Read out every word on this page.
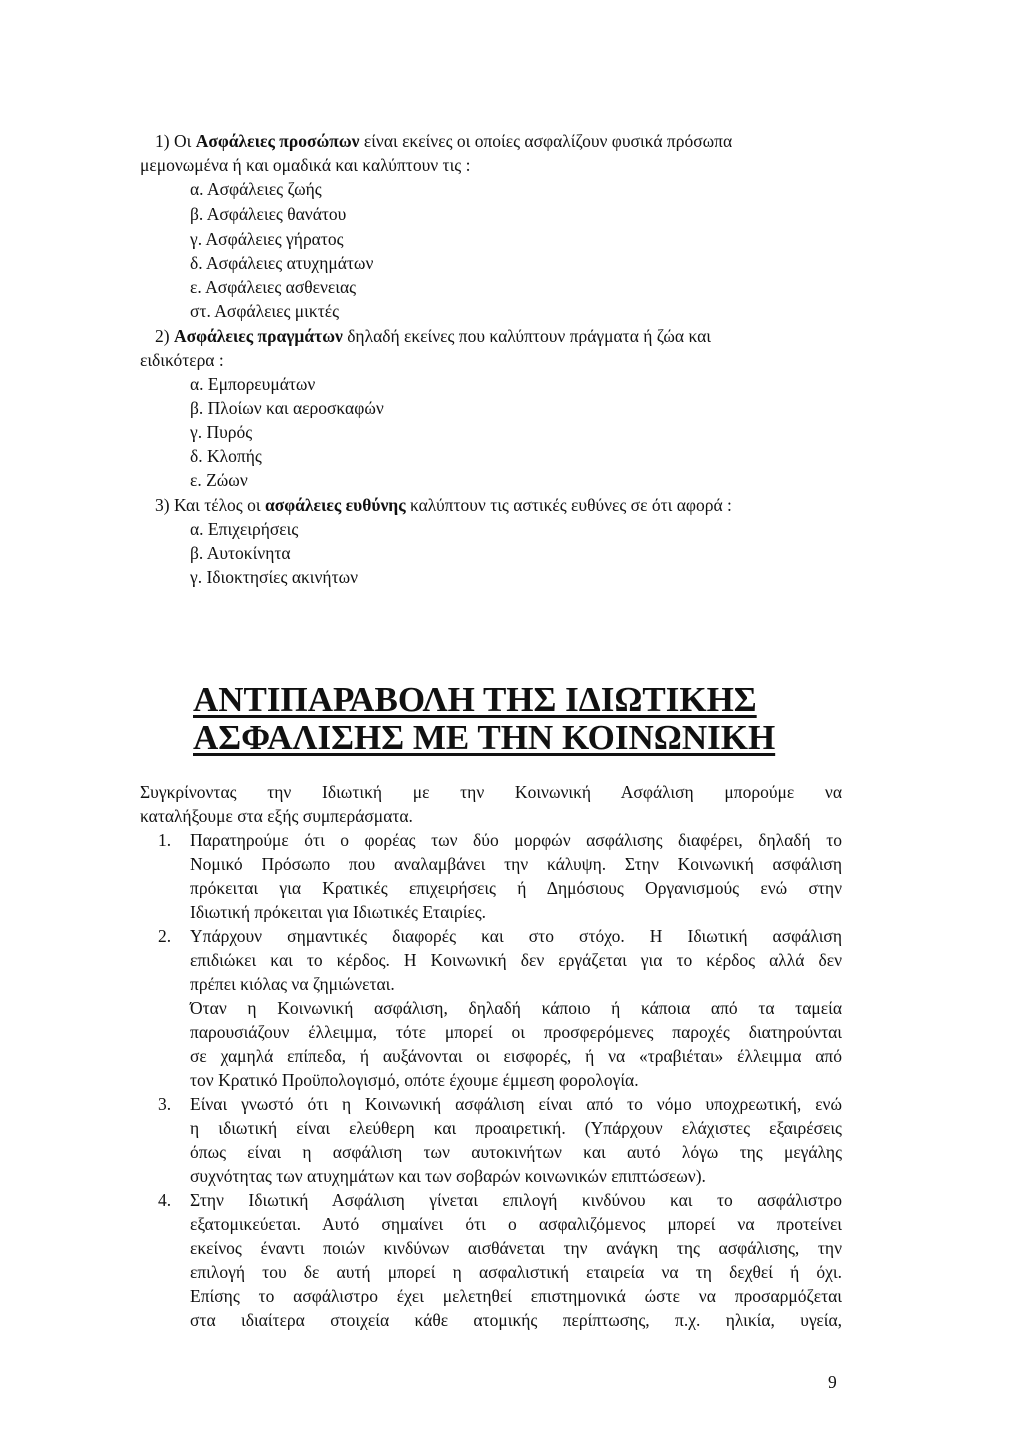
1) Οι Ασφάλειες προσώπων είναι εκείνες οι οποίες ασφαλίζουν φυσικά πρόσωπα
μεμονωμένα ή και ομαδικά και καλύπτουν τις :
α. Ασφάλειες ζωής
β. Ασφάλειες θανάτου
γ. Ασφάλειες γήρατος
δ. Ασφάλειες ατυχημάτων
ε. Ασφάλειες ασθενειας
στ. Ασφάλειες μικτές
2) Ασφάλειες πραγμάτων δηλαδή εκείνες που καλύπτουν πράγματα ή ζώα και
ειδικότερα :
α. Εμπορευμάτων
β. Πλοίων και αεροσκαφών
γ. Πυρός
δ. Κλοπής
ε. Ζώων
3) Και τέλος οι ασφάλειες ευθύνης καλύπτουν τις αστικές ευθύνες σε ότι αφορά :
α. Επιχειρήσεις
β. Αυτοκίνητα
γ. Ιδιοκτησίες ακινήτων
ΑΝΤΙΠΑΡΑΒΟΛΗ ΤΗΣ ΙΔΙΩΤΙΚΗΣ
ΑΣΦΑΛΙΣΗΣ ΜΕ ΤΗΝ ΚΟΙΝΩΝΙΚΗ
Συγκρίνοντας την Ιδιωτική με την Κοινωνική Ασφάλιση μπορούμε να
καταλήξουμε στα εξής συμπεράσματα.
1. Παρατηρούμε ότι ο φορέας των δύο μορφών ασφάλισης διαφέρει, δηλαδή το
Νομικό Πρόσωπο που αναλαμβάνει την κάλυψη. Στην Κοινωνική ασφάλιση
πρόκειται για Κρατικές επιχειρήσεις ή Δημόσιους Οργανισμούς ενώ στην
Ιδιωτική πρόκειται για Ιδιωτικές Εταιρίες.
2. Υπάρχουν σημαντικές διαφορές και στο στόχο. Η Ιδιωτική ασφάλιση
επιδιώκει και το κέρδος. Η Κοινωνική δεν εργάζεται για το κέρδος αλλά δεν
πρέπει κιόλας να ζημιώνεται.
Όταν η Κοινωνική ασφάλιση, δηλαδή κάποιο ή κάποια από τα ταμεία
παρουσιάζουν έλλειμμα, τότε μπορεί οι προσφερόμενες παροχές διατηρούνται
σε χαμηλά επίπεδα, ή αυξάνονται οι εισφορές, ή να «τραβιέται» έλλειμμα από
τον Κρατικό Προϋπολογισμό, οπότε έχουμε έμμεση φορολογία.
3. Είναι γνωστό ότι η Κοινωνική ασφάλιση είναι από το νόμο υποχρεωτική, ενώ
η ιδιωτική είναι ελεύθερη και προαιρετική. (Υπάρχουν ελάχιστες εξαιρέσεις
όπως είναι η ασφάλιση των αυτοκινήτων και αυτό λόγω της μεγάλης
συχνότητας των ατυχημάτων και των σοβαρών κοινωνικών επιπτώσεων).
4. Στην Ιδιωτική Ασφάλιση γίνεται επιλογή κινδύνου και το ασφάλιστρο
εξατομικεύεται. Αυτό σημαίνει ότι ο ασφαλιζόμενος μπορεί να προτείνει
εκείνος έναντι ποιών κινδύνων αισθάνεται την ανάγκη της ασφάλισης, την
επιλογή του δε αυτή μπορεί η ασφαλιστική εταιρεία να τη δεχθεί ή όχι.
Επίσης το ασφάλιστρο έχει μελετηθεί επιστημονικά ώστε να προσαρμόζεται
στα ιδιαίτερα στοιχεία κάθε ατομικής περίπτωσης, π.χ. ηλικία, υγεία,
9
